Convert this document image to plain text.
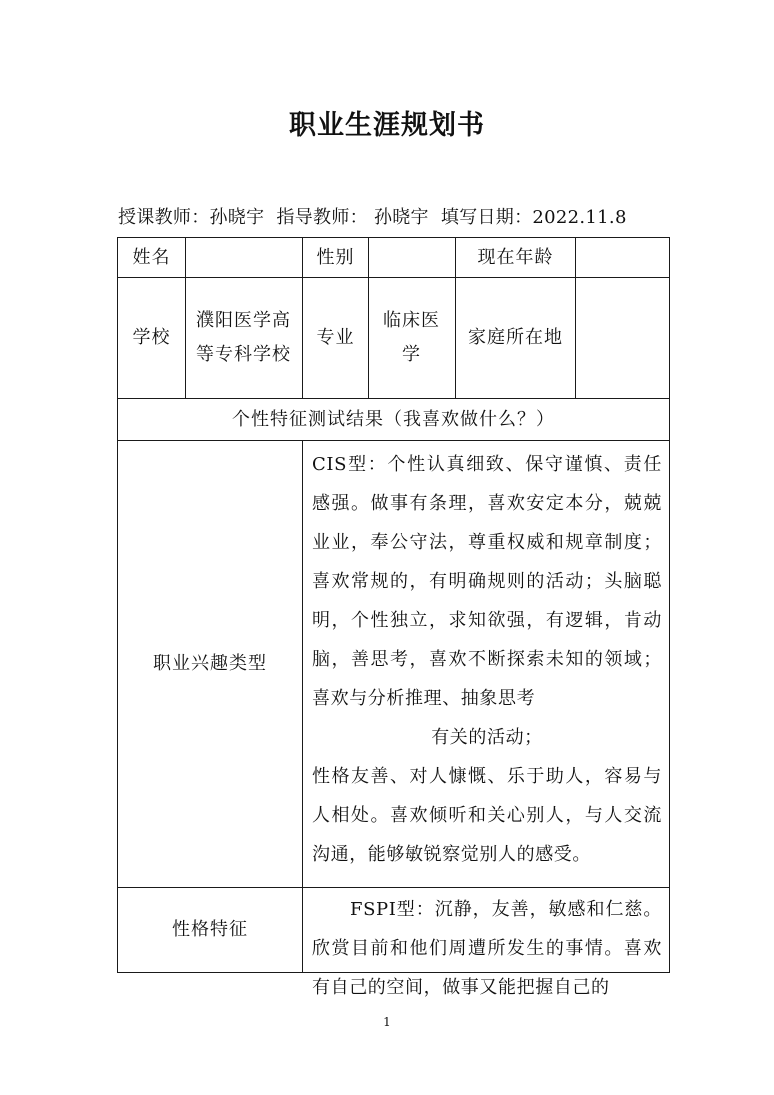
职业生涯规划书
授课教师：孙晓宇 指导教师： 孙晓宇 填写日期：2022.11.8
姓名	性别	现在年龄
学校
濮阳医学高等专科学校
专业
临床医学
家庭所在地
个性特征测试结果（我喜欢做什么？）
职业兴趣类型
CIS型：个性认真细致、保守谨慎、责任感强。做事有条理，喜欢安定本分，兢兢业业，奉公守法，尊重权威和规章制度；喜欢常规的，有明确规则的活动；头脑聪明，个性独立，求知欲强，有逻辑，肯动脑，善思考，喜欢不断探索未知的领域；喜欢与分析推理、抽象思考
有关的活动；
性格友善、对人慷慨、乐于助人，容易与人相处。喜欢倾听和关心别人，与人交流沟通，能够敏锐察觉别人的感受。
性格特征
FSPI型：沉静，友善，敏感和仁慈。欣赏目前和他们周遭所发生的事情。喜欢有自己的空间，做事又能把握自己的
1
